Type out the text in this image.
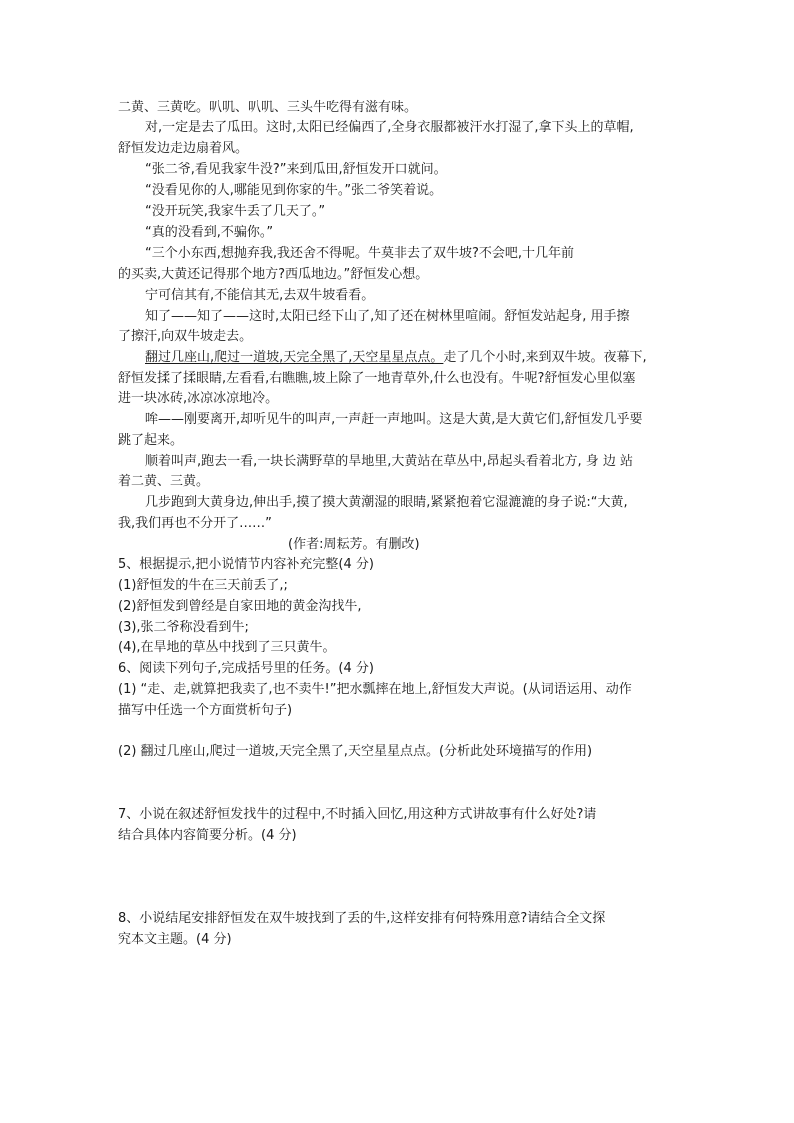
二黄、三黄吃。叭叽、叭叽、三头牛吃得有滋有味。
对,一定是去了瓜田。这时,太阳已经偏西了,全身衣服都被汗水打湿了,拿下头上的草帽,
舒恒发边走边扇着风。
“张二爷,看见我家牛没?”来到瓜田,舒恒发开口就问。
“没看见你的人,哪能见到你家的牛。”张二爷笑着说。
“没开玩笑,我家牛丢了几天了。”
“真的没看到,不骗你。”
“三个小东西,想抛弃我,我还舍不得呢。牛莫非去了双牛坡?不会吧,十几年前
的买卖,大黄还记得那个地方?西瓜地边。”舒恒发心想。
宁可信其有,不能信其无,去双牛坡看看。
知了——知了——这时,太阳已经下山了,知了还在树林里喧闹。舒恒发站起身, 用手擦
了擦汗,向双牛坡走去。
翻过几座山,爬过一道坡,天完全黑了,天空星星点点。走了几个小时,来到双牛坡。夜幕下,
舒恒发揉了揉眼睛,左看看,右瞧瞧,坡上除了一地青草外,什么也没有。牛呢?舒恒发心里似塞
进一块冰砖,冰凉冰凉地冷。
哞——刚要离开,却听见牛的叫声,一声赶一声地叫。这是大黄,是大黄它们,舒恒发几乎要
跳了起来。
顺着叫声,跑去一看,一块长满野草的旱地里,大黄站在草丛中,昂起头看着北方, 身 边 站
着二黄、三黄。
几步跑到大黄身边,伸出手,摸了摸大黄潮湿的眼睛,紧紧抱着它湿漉漉的身子说:“大黄,
我,我们再也不分开了……”
(作者:周耘芳。有删改)
5、根据提示,把小说情节内容补充完整(4 分)
(1)舒恒发的牛在三天前丢了,;
(2)舒恒发到曾经是自家田地的黄金沟找牛,
(3),张二爷称没看到牛;
(4),在旱地的草丛中找到了三只黄牛。
6、阅读下列句子,完成括号里的任务。(4 分)
(1) “走、走,就算把我卖了,也不卖牛!”把水瓢摔在地上,舒恒发大声说。(从词语运用、动作
描写中任选一个方面赏析句子)
(2) 翻过几座山,爬过一道坡,天完全黑了,天空星星点点。(分析此处环境描写的作用)
7、小说在叙述舒恒发找牛的过程中,不时插入回忆,用这种方式讲故事有什么好处?请
结合具体内容简要分析。(4 分)
8、小说结尾安排舒恒发在双牛坡找到了丢的牛,这样安排有何特殊用意?请结合全文探
究本文主题。(4 分)
